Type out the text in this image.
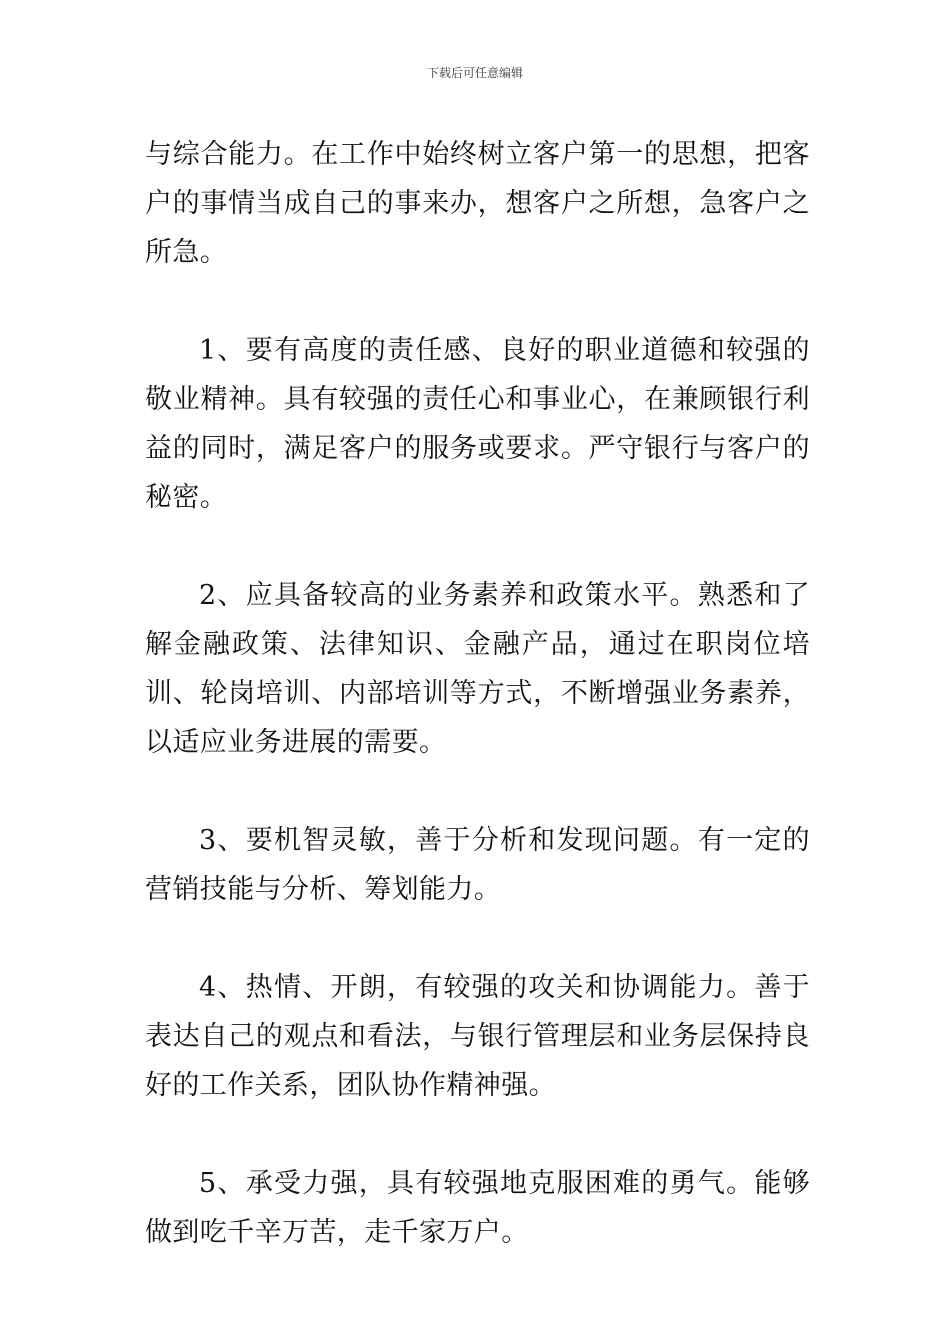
下载后可任意编辑

与综合能力。在工作中始终树立客户第一的思想，把客户的事情当成自己的事来办，想客户之所想，急客户之所急。

1、要有高度的责任感、良好的职业道德和较强的敬业精神。具有较强的责任心和事业心，在兼顾银行利益的同时，满足客户的服务或要求。严守银行与客户的秘密。

2、应具备较高的业务素养和政策水平。熟悉和了解金融政策、法律知识、金融产品，通过在职岗位培训、轮岗培训、内部培训等方式，不断增强业务素养，以适应业务进展的需要。

3、要机智灵敏，善于分析和发现问题。有一定的营销技能与分析、筹划能力。

4、热情、开朗，有较强的攻关和协调能力。善于表达自己的观点和看法，与银行管理层和业务层保持良好的工作关系，团队协作精神强。

5、承受力强，具有较强地克服困难的勇气。能够做到吃千辛万苦，走千家万户。
